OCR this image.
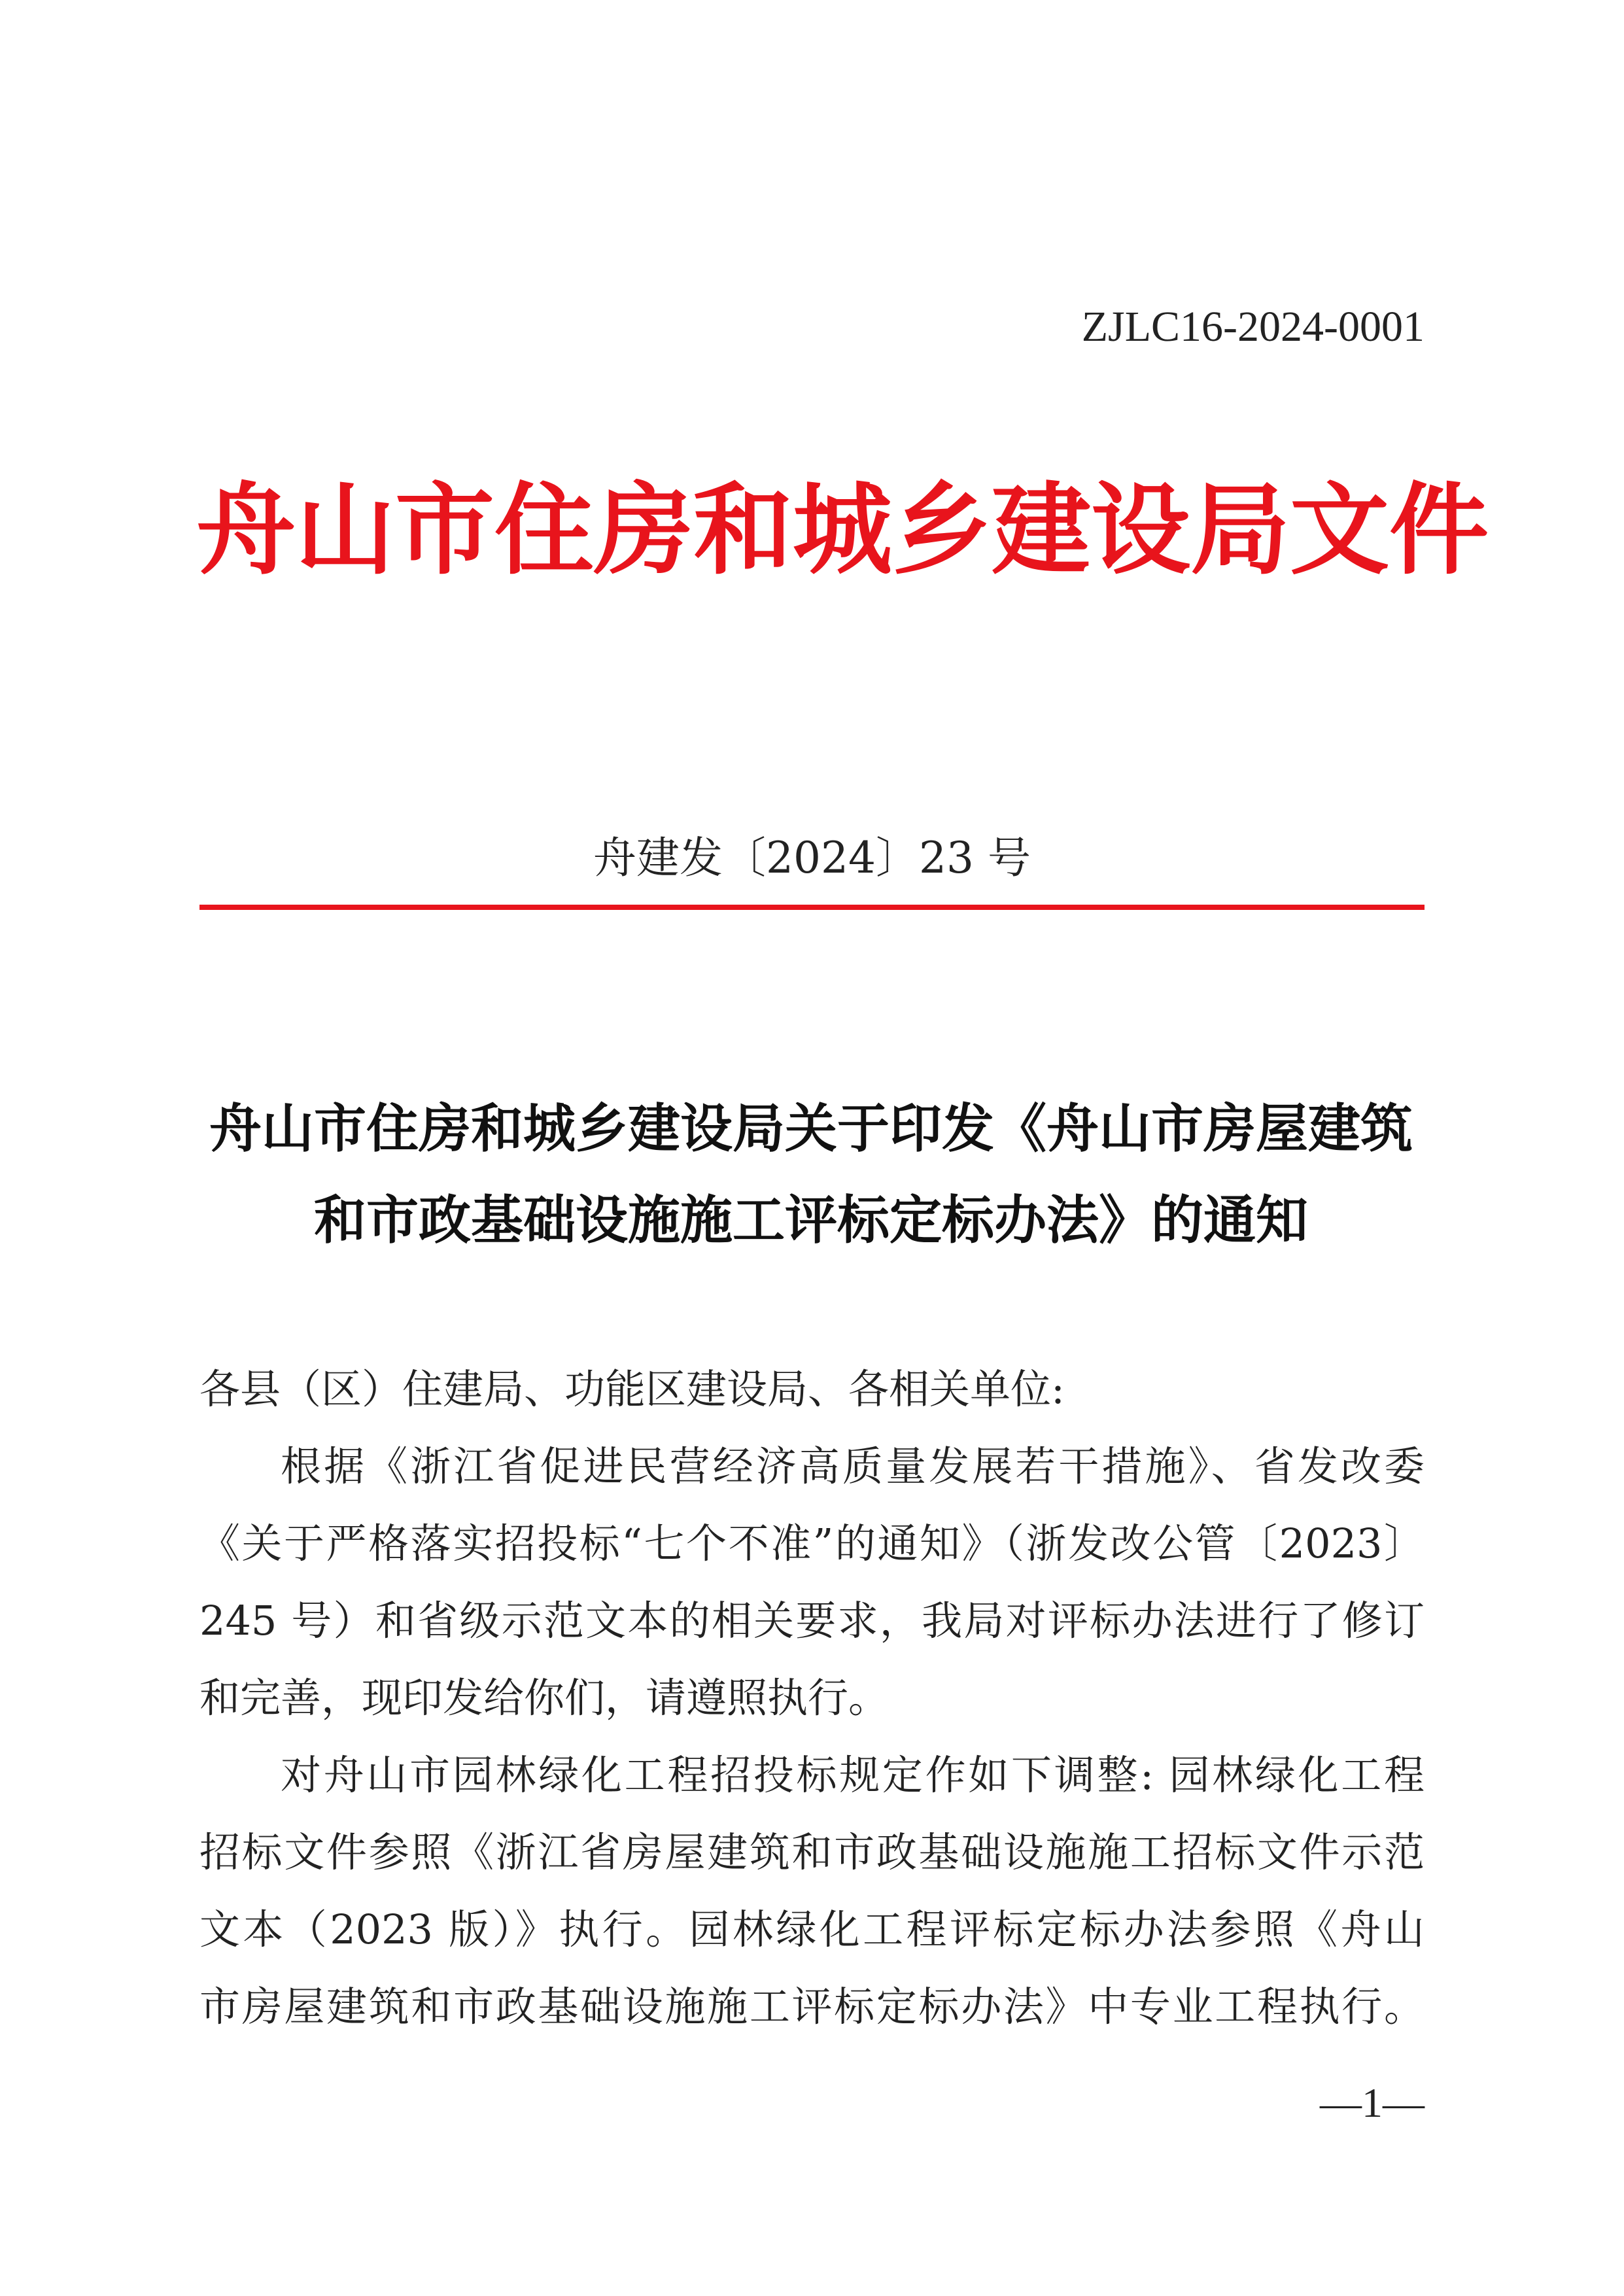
ZJLC16-2024-0001
舟山市住房和城乡建设局文件
舟建发〔2024〕23 号
舟山市住房和城乡建设局关于印发《舟山市房屋建筑
和市政基础设施施工评标定标办法》的通知
各县（区）住建局、功能区建设局、各相关单位:
根据《浙江省促进民营经济高质量发展若干措施》、省发改委
《关于严格落实招投标“七个不准”的通知》（浙发改公管〔2023〕
245 号）和省级示范文本的相关要求，我局对评标办法进行了修订
和完善，现印发给你们，请遵照执行。
对舟山市园林绿化工程招投标规定作如下调整: 园林绿化工程
招标文件参照《浙江省房屋建筑和市政基础设施施工招标文件示范
文本（2023 版）》执行。园林绿化工程评标定标办法参照《舟山
市房屋建筑和市政基础设施施工评标定标办法》中专业工程执行。
—1—
